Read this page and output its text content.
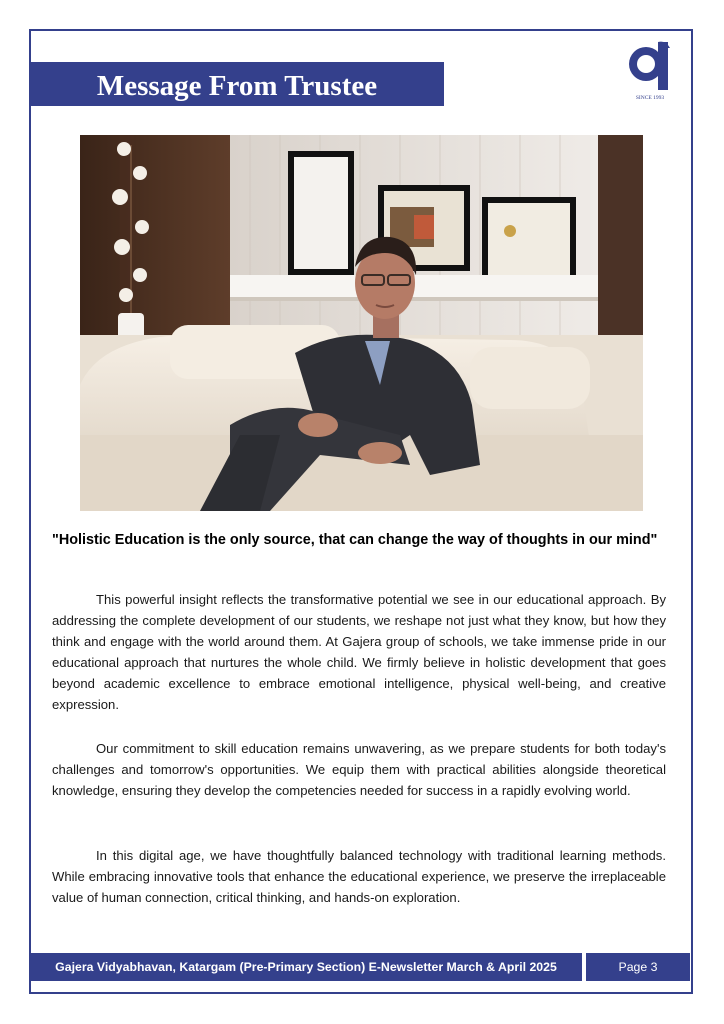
Message From Trustee	SINCE 1993

"Holistic Education is the only source, that can change the way of thoughts in our mind"

This powerful insight reflects the transformative potential we see in our educational approach. By addressing the complete development of our students, we reshape not just what they know, but how they think and engage with the world around them. At Gajera group of schools, we take immense pride in our educational approach that nurtures the whole child. We firmly believe in holistic development that goes beyond academic excellence to embrace emotional intelligence, physical well-being, and creative expression.

Our commitment to skill education remains unwavering, as we prepare students for both today's challenges and tomorrow's opportunities. We equip them with practical abilities alongside theoretical knowledge, ensuring they develop the competencies needed for success in a rapidly evolving world.

In this digital age, we have thoughtfully balanced technology with traditional learning methods. While embracing innovative tools that enhance the educational experience, we preserve the irreplaceable value of human connection, critical thinking, and hands-on exploration.

Gajera Vidyabhavan, Katargam (Pre-Primary Section) E-Newsletter March & April 2025	Page 3
